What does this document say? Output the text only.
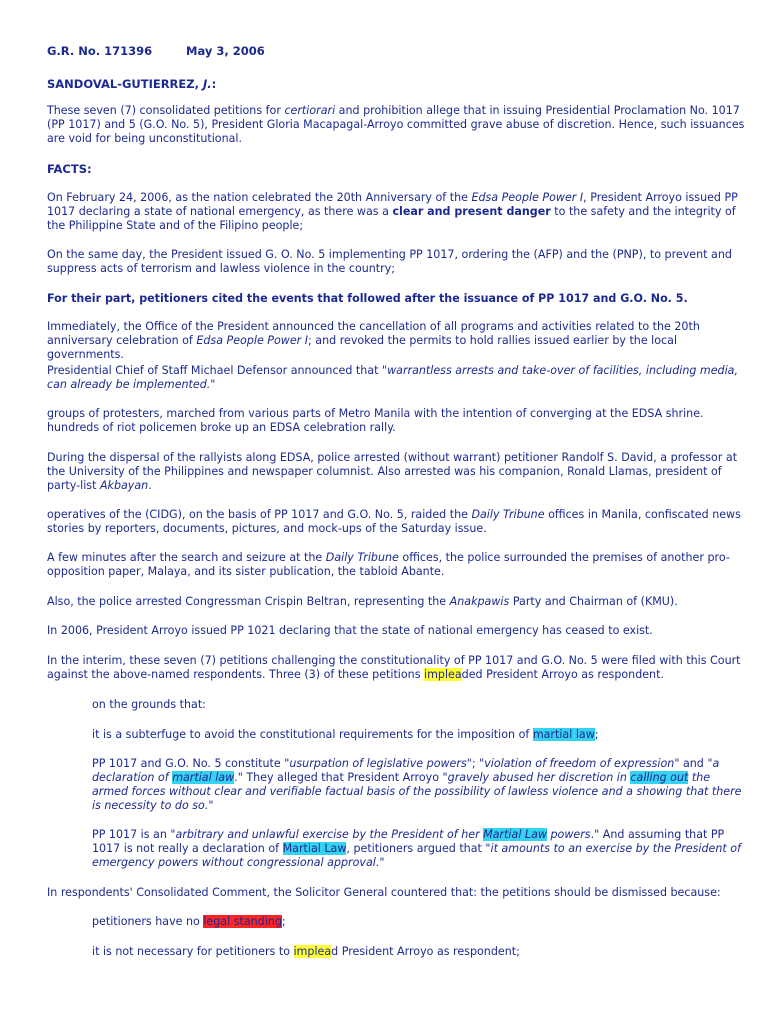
G.R. No. 171396	May 3, 2006

SANDOVAL-GUTIERREZ, J.:

These seven (7) consolidated petitions for certiorari and prohibition allege that in issuing Presidential Proclamation No. 1017 (PP 1017) and 5 (G.O. No. 5), President Gloria Macapagal-Arroyo committed grave abuse of discretion. Hence, such issuances are void for being unconstitutional.

FACTS:

On February 24, 2006, as the nation celebrated the 20th Anniversary of the Edsa People Power I, President Arroyo issued PP 1017 declaring a state of national emergency, as there was a clear and present danger to the safety and the integrity of the Philippine State and of the Filipino people;

On the same day, the President issued G. O. No. 5 implementing PP 1017, ordering the (AFP) and the (PNP), to prevent and suppress acts of terrorism and lawless violence in the country;

For their part, petitioners cited the events that followed after the issuance of PP 1017 and G.O. No. 5.

Immediately, the Office of the President announced the cancellation of all programs and activities related to the 20th anniversary celebration of Edsa People Power I; and revoked the permits to hold rallies issued earlier by the local governments.

Presidential Chief of Staff Michael Defensor announced that "warrantless arrests and take-over of facilities, including media, can already be implemented."

groups of protesters, marched from various parts of Metro Manila with the intention of converging at the EDSA shrine. hundreds of riot policemen broke up an EDSA celebration rally.

During the dispersal of the rallyists along EDSA, police arrested (without warrant) petitioner Randolf S. David, a professor at the University of the Philippines and newspaper columnist. Also arrested was his companion, Ronald Llamas, president of party-list Akbayan.

operatives of the (CIDG), on the basis of PP 1017 and G.O. No. 5, raided the Daily Tribune offices in Manila, confiscated news stories by reporters, documents, pictures, and mock-ups of the Saturday issue.

A few minutes after the search and seizure at the Daily Tribune offices, the police surrounded the premises of another pro-opposition paper, Malaya, and its sister publication, the tabloid Abante.

Also, the police arrested Congressman Crispin Beltran, representing the Anakpawis Party and Chairman of (KMU).

In 2006, President Arroyo issued PP 1021 declaring that the state of national emergency has ceased to exist.

In the interim, these seven (7) petitions challenging the constitutionality of PP 1017 and G.O. No. 5 were filed with this Court against the above-named respondents. Three (3) of these petitions impleaded President Arroyo as respondent.

on the grounds that:

it is a subterfuge to avoid the constitutional requirements for the imposition of martial law;

PP 1017 and G.O. No. 5 constitute "usurpation of legislative powers"; "violation of freedom of expression" and "a declaration of martial law." They alleged that President Arroyo "gravely abused her discretion in calling out the armed forces without clear and verifiable factual basis of the possibility of lawless violence and a showing that there is necessity to do so."

PP 1017 is an "arbitrary and unlawful exercise by the President of her Martial Law powers." And assuming that PP 1017 is not really a declaration of Martial Law, petitioners argued that "it amounts to an exercise by the President of emergency powers without congressional approval."

In respondents' Consolidated Comment, the Solicitor General countered that: the petitions should be dismissed because:

petitioners have no legal standing;

it is not necessary for petitioners to implead President Arroyo as respondent;
